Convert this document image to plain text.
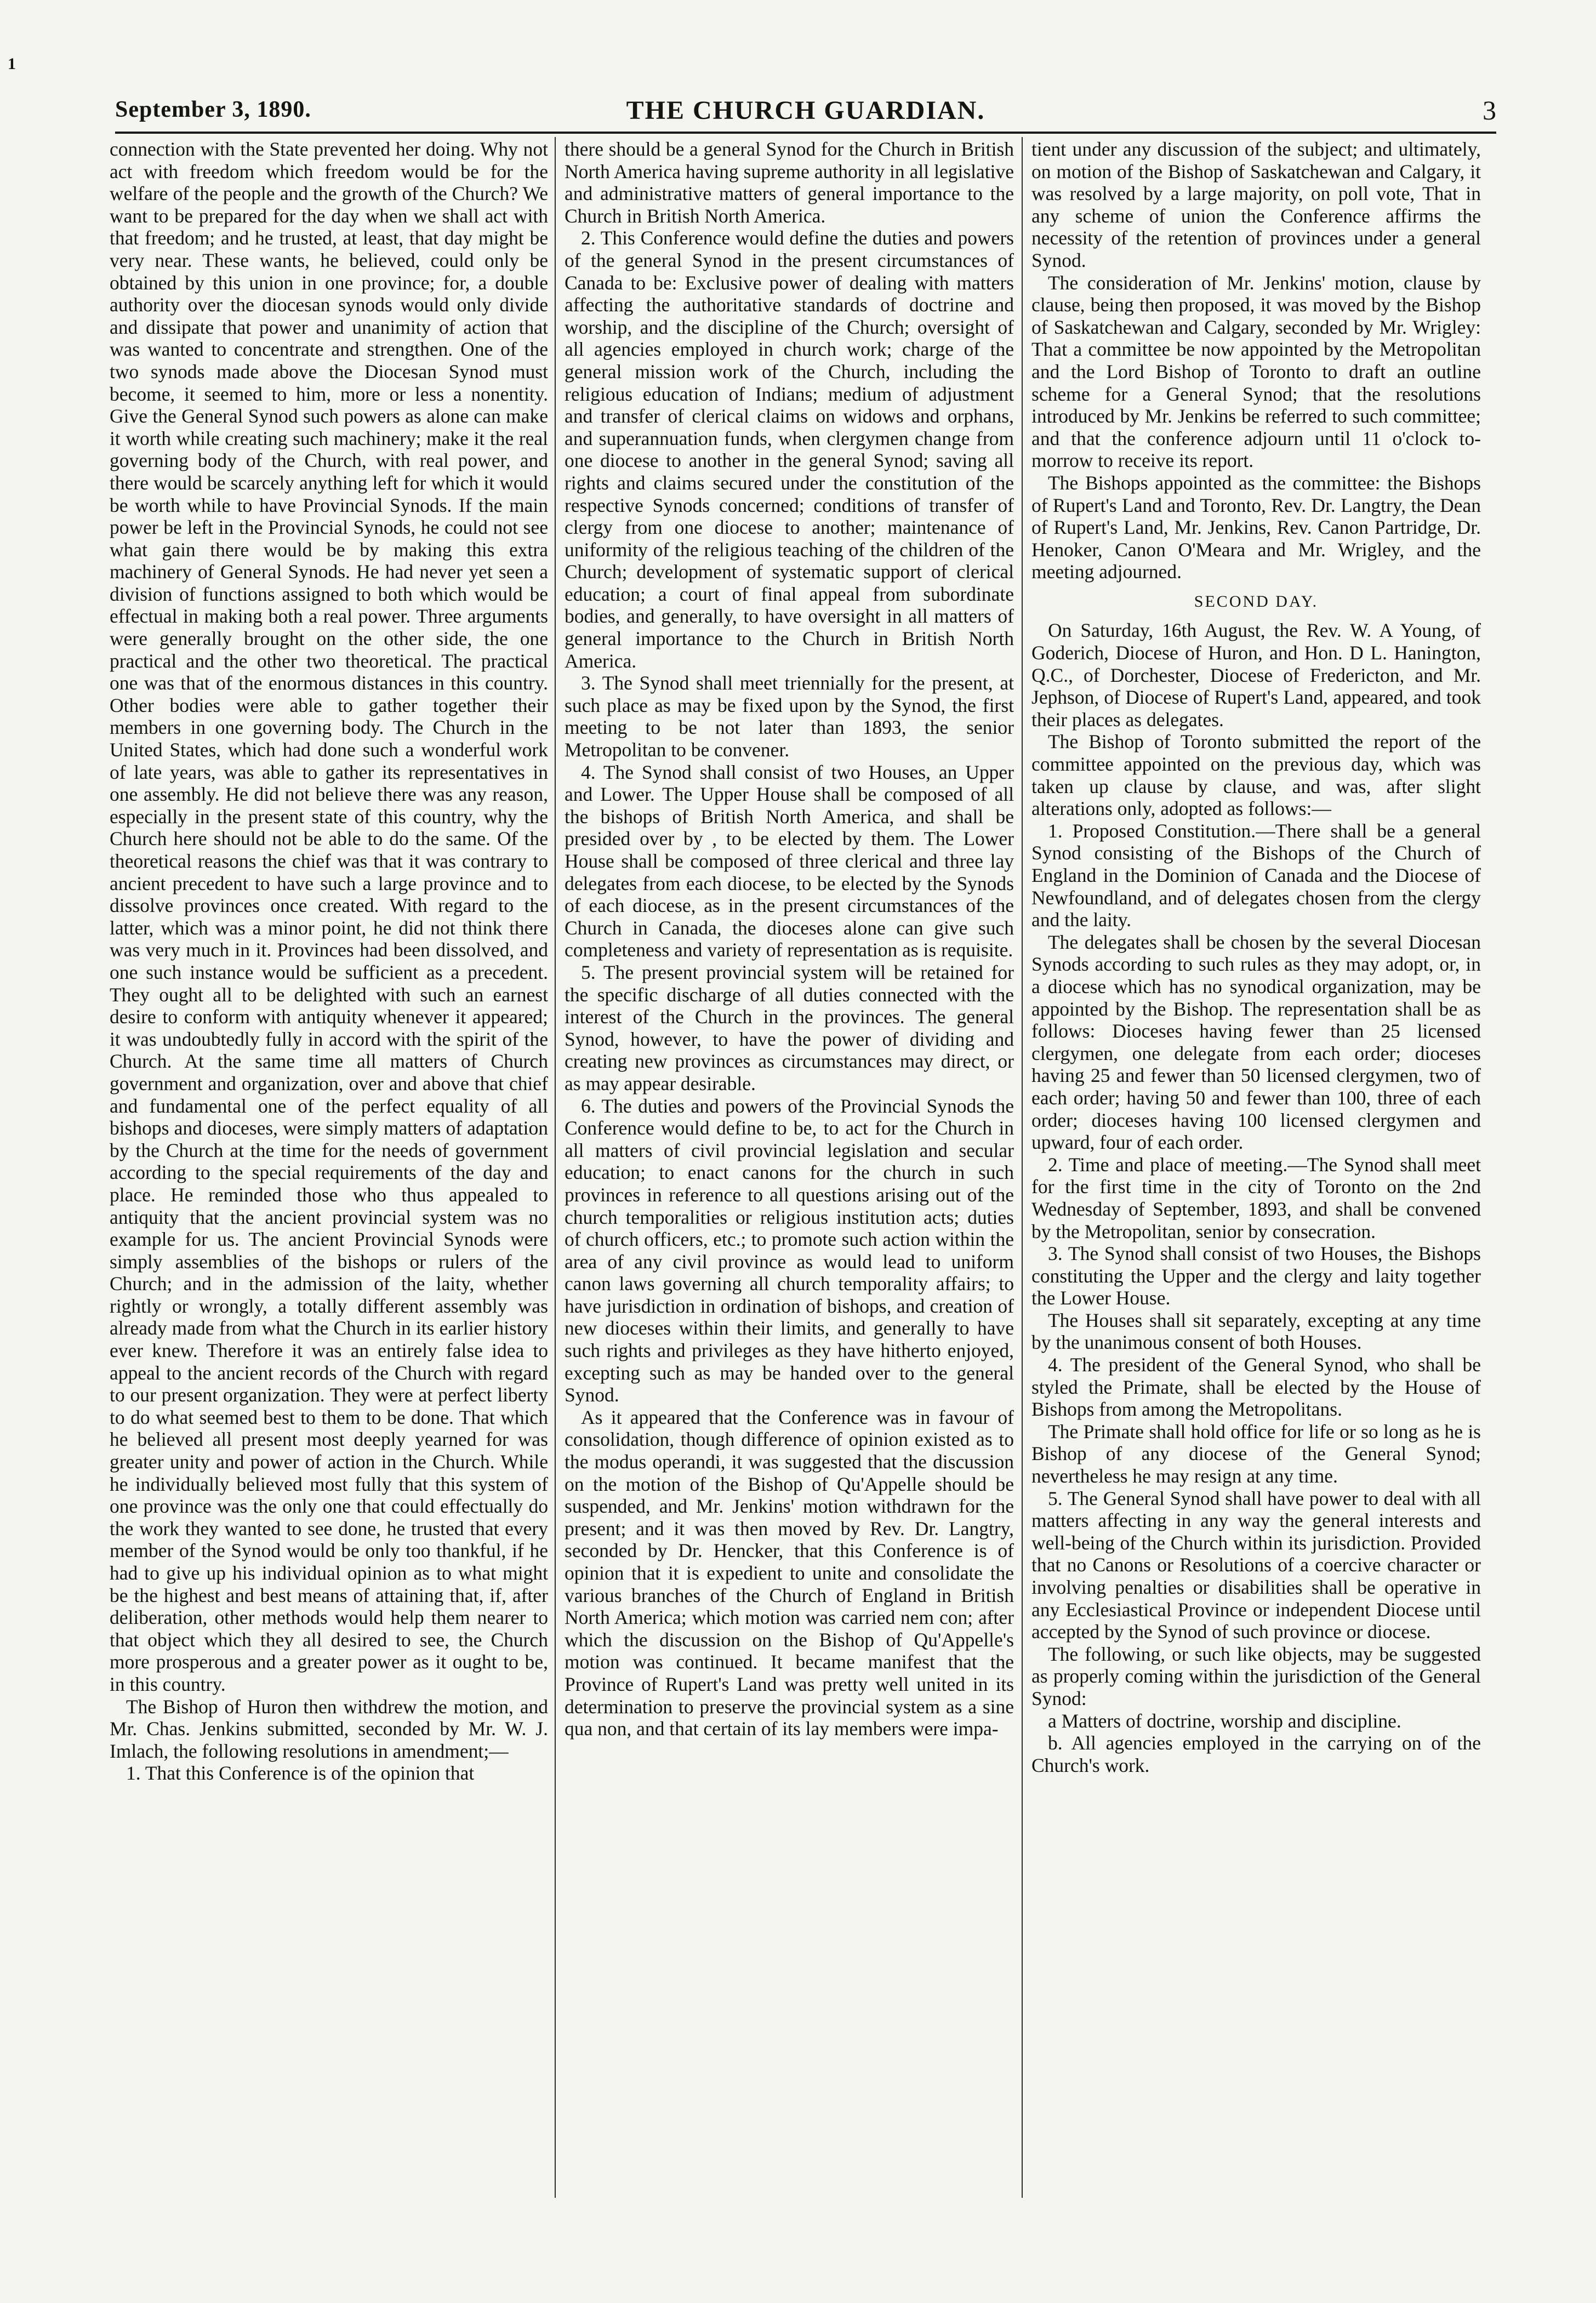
1
September 3, 1890.	THE CHURCH GUARDIAN.	3

connection with the State prevented her doing. Why not act with freedom which freedom would be for the welfare of the people and the growth of the Church? We want to be prepared for the day when we shall act with that freedom; and he trusted, at least, that day might be very near. These wants, he believed, could only be obtained by this union in one province; for, a double authority over the diocesan synods would only divide and dissipate that power and unanimity of action that was wanted to concentrate and strengthen. One of the two synods made above the Diocesan Synod must become, it seemed to him, more or less a nonentity. Give the General Synod such powers as alone can make it worth while creating such machinery; make it the real governing body of the Church, with real power, and there would be scarcely anything left for which it would be worth while to have Provincial Synods. If the main power be left in the Provincial Synods, he could not see what gain there would be by making this extra machinery of General Synods. He had never yet seen a division of functions assigned to both which would be effectual in making both a real power. Three arguments were generally brought on the other side, the one practical and the other two theoretical. The practical one was that of the enormous distances in this country. Other bodies were able to gather together their members in one governing body. The Church in the United States, which had done such a wonderful work of late years, was able to gather its representatives in one assembly. He did not believe there was any reason, especially in the present state of this country, why the Church here should not be able to do the same. Of the theoretical reasons the chief was that it was contrary to ancient precedent to have such a large province and to dissolve provinces once created. With regard to the latter, which was a minor point, he did not think there was very much in it. Provinces had been dissolved, and one such instance would be sufficient as a precedent. They ought all to be delighted with such an earnest desire to conform with antiquity whenever it appeared; it was undoubtedly fully in accord with the spirit of the Church. At the same time all matters of Church government and organization, over and above that chief and fundamental one of the perfect equality of all bishops and dioceses, were simply matters of adaptation by the Church at the time for the needs of government according to the special requirements of the day and place. He reminded those who thus appealed to antiquity that the ancient provincial system was no example for us. The ancient Provincial Synods were simply assemblies of the bishops or rulers of the Church; and in the admission of the laity, whether rightly or wrongly, a totally different assembly was already made from what the Church in its earlier history ever knew. Therefore it was an entirely false idea to appeal to the ancient records of the Church with regard to our present organization. They were at perfect liberty to do what seemed best to them to be done. That which he believed all present most deeply yearned for was greater unity and power of action in the Church. While he individually believed most fully that this system of one province was the only one that could effectually do the work they wanted to see done, he trusted that every member of the Synod would be only too thankful, if he had to give up his individual opinion as to what might be the highest and best means of attaining that, if, after deliberation, other methods would help them nearer to that object which they all desired to see, the Church more prosperous and a greater power as it ought to be, in this country.

The Bishop of Huron then withdrew the motion, and Mr. Chas. Jenkins submitted, seconded by Mr. W. J. Imlach, the following resolutions in amendment;—

1. That this Conference is of the opinion that

there should be a general Synod for the Church in British North America having supreme authority in all legislative and administrative matters of general importance to the Church in British North America.

2. This Conference would define the duties and powers of the general Synod in the present circumstances of Canada to be: Exclusive power of dealing with matters affecting the authoritative standards of doctrine and worship, and the discipline of the Church; oversight of all agencies employed in church work; charge of the general mission work of the Church, including the religious education of Indians; medium of adjustment and transfer of clerical claims on widows and orphans, and superannuation funds, when clergymen change from one diocese to another in the general Synod; saving all rights and claims secured under the constitution of the respective Synods concerned; conditions of transfer of clergy from one diocese to another; maintenance of uniformity of the religious teaching of the children of the Church; development of systematic support of clerical education; a court of final appeal from subordinate bodies, and generally, to have oversight in all matters of general importance to the Church in British North America.

3. The Synod shall meet triennially for the present, at such place as may be fixed upon by the Synod, the first meeting to be not later than 1893, the senior Metropolitan to be convener.

4. The Synod shall consist of two Houses, an Upper and Lower. The Upper House shall be composed of all the bishops of British North America, and shall be presided over by , to be elected by them. The Lower House shall be composed of three clerical and three lay delegates from each diocese, to be elected by the Synods of each diocese, as in the present circumstances of the Church in Canada, the dioceses alone can give such completeness and variety of representation as is requisite.

5. The present provincial system will be retained for the specific discharge of all duties connected with the interest of the Church in the provinces. The general Synod, however, to have the power of dividing and creating new provinces as circumstances may direct, or as may appear desirable.

6. The duties and powers of the Provincial Synods the Conference would define to be, to act for the Church in all matters of civil provincial legislation and secular education; to enact canons for the church in such provinces in reference to all questions arising out of the church temporalities or religious institution acts; duties of church officers, etc.; to promote such action within the area of any civil province as would lead to uniform canon laws governing all church temporality affairs; to have jurisdiction in ordination of bishops, and creation of new dioceses within their limits, and generally to have such rights and privileges as they have hitherto enjoyed, excepting such as may be handed over to the general Synod.

As it appeared that the Conference was in favour of consolidation, though difference of opinion existed as to the modus operandi, it was suggested that the discussion on the motion of the Bishop of Qu'Appelle should be suspended, and Mr. Jenkins' motion withdrawn for the present; and it was then moved by Rev. Dr. Langtry, seconded by Dr. Hencker, that this Conference is of opinion that it is expedient to unite and consolidate the various branches of the Church of England in British North America; which motion was carried nem con; after which the discussion on the Bishop of Qu'Appelle's motion was continued. It became manifest that the Province of Rupert's Land was pretty well united in its determination to preserve the provincial system as a sine qua non, and that certain of its lay members were impa-

tient under any discussion of the subject; and ultimately, on motion of the Bishop of Saskatchewan and Calgary, it was resolved by a large majority, on poll vote, That in any scheme of union the Conference affirms the necessity of the retention of provinces under a general Synod.

The consideration of Mr. Jenkins' motion, clause by clause, being then proposed, it was moved by the Bishop of Saskatchewan and Calgary, seconded by Mr. Wrigley: That a committee be now appointed by the Metropolitan and the Lord Bishop of Toronto to draft an outline scheme for a General Synod; that the resolutions introduced by Mr. Jenkins be referred to such committee; and that the conference adjourn until 11 o'clock to-morrow to receive its report.

The Bishops appointed as the committee: the Bishops of Rupert's Land and Toronto, Rev. Dr. Langtry, the Dean of Rupert's Land, Mr. Jenkins, Rev. Canon Partridge, Dr. Henoker, Canon O'Meara and Mr. Wrigley, and the meeting adjourned.

SECOND DAY.

On Saturday, 16th August, the Rev. W. A Young, of Goderich, Diocese of Huron, and Hon. D L. Hanington, Q.C., of Dorchester, Diocese of Fredericton, and Mr. Jephson, of Diocese of Rupert's Land, appeared, and took their places as delegates.

The Bishop of Toronto submitted the report of the committee appointed on the previous day, which was taken up clause by clause, and was, after slight alterations only, adopted as follows:—

1. Proposed Constitution.—There shall be a general Synod consisting of the Bishops of the Church of England in the Dominion of Canada and the Diocese of Newfoundland, and of delegates chosen from the clergy and the laity.

The delegates shall be chosen by the several Diocesan Synods according to such rules as they may adopt, or, in a diocese which has no synodical organization, may be appointed by the Bishop. The representation shall be as follows: Dioceses having fewer than 25 licensed clergymen, one delegate from each order; dioceses having 25 and fewer than 50 licensed clergymen, two of each order; having 50 and fewer than 100, three of each order; dioceses having 100 licensed clergymen and upward, four of each order.

2. Time and place of meeting.—The Synod shall meet for the first time in the city of Toronto on the 2nd Wednesday of September, 1893, and shall be convened by the Metropolitan, senior by consecration.

3. The Synod shall consist of two Houses, the Bishops constituting the Upper and the clergy and laity together the Lower House.

The Houses shall sit separately, excepting at any time by the unanimous consent of both Houses.

4. The president of the General Synod, who shall be styled the Primate, shall be elected by the House of Bishops from among the Metropolitans.

The Primate shall hold office for life or so long as he is Bishop of any diocese of the General Synod; nevertheless he may resign at any time.

5. The General Synod shall have power to deal with all matters affecting in any way the general interests and well-being of the Church within its jurisdiction. Provided that no Canons or Resolutions of a coercive character or involving penalties or disabilities shall be operative in any Ecclesiastical Province or independent Diocese until accepted by the Synod of such province or diocese.

The following, or such like objects, may be suggested as properly coming within the jurisdiction of the General Synod:

a Matters of doctrine, worship and discipline.

b. All agencies employed in the carrying on of the Church's work.
